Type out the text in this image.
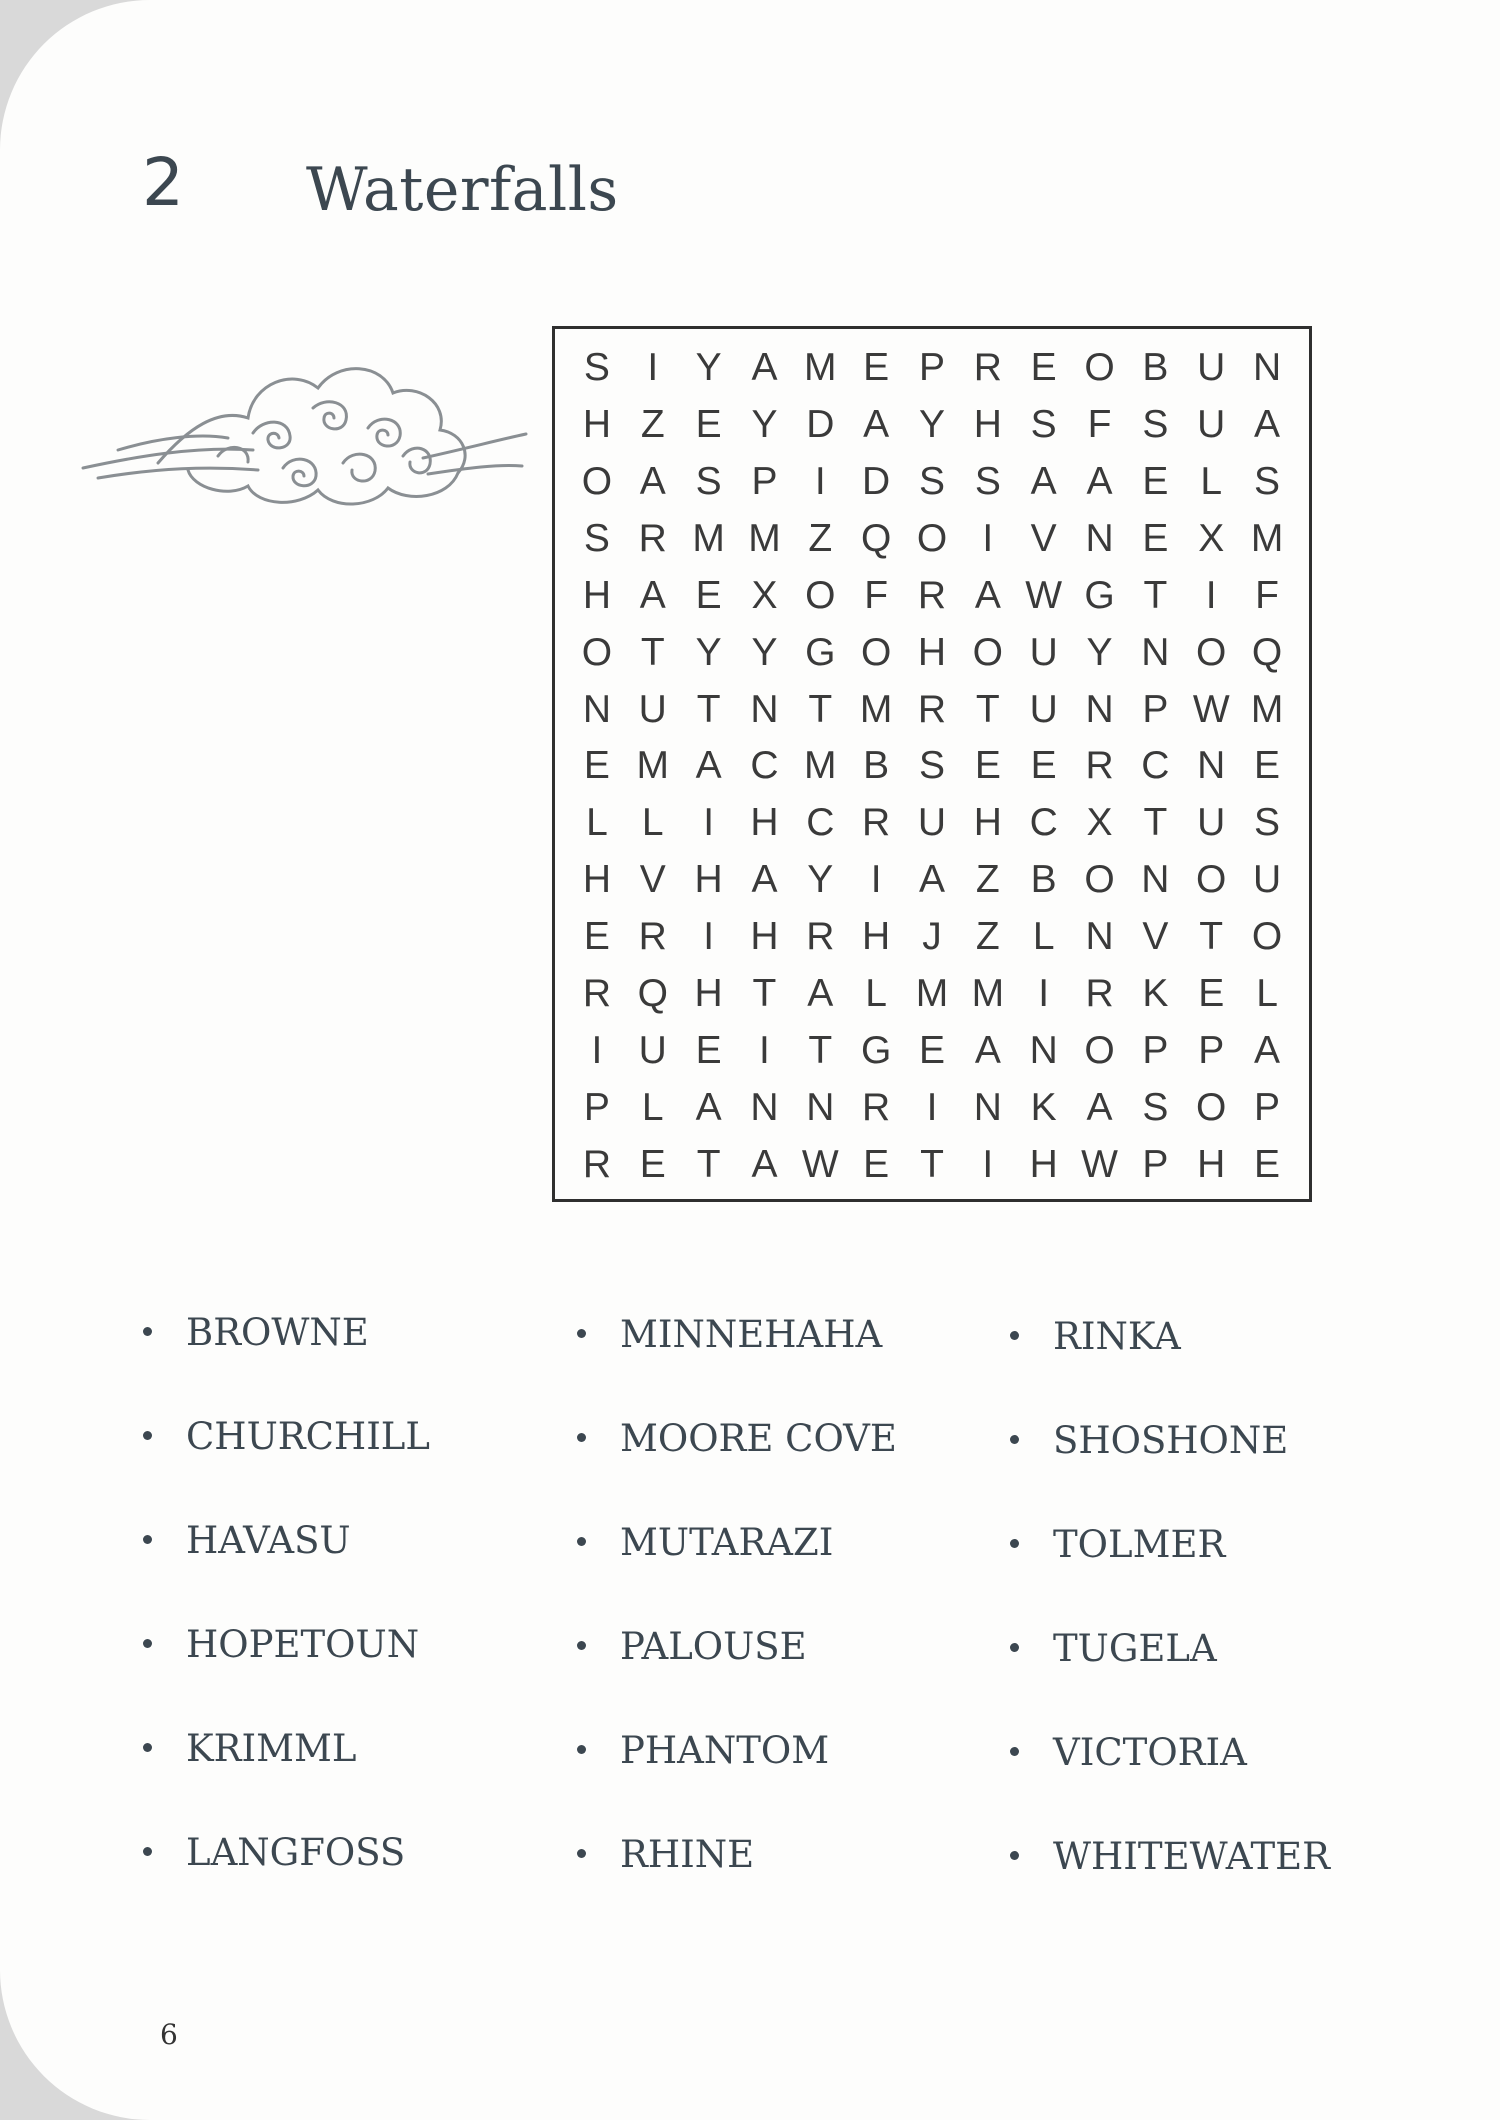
2 Waterfalls
S I Y A M E P R E O B U N
H Z E Y D A Y H S F S U A
O A S P I D S S A A E L S
S R M M Z Q O I V N E X M
H A E X O F R A W G T I F
O T Y Y G O H O U Y N O Q
N U T N T M R T U N P W M
E M A C M B S E E R C N E
L L	I H C R U H C X T U S
H V H A Y I A Z B O N O U
E R I H R H J Z L N V T O
R Q H T A L M M I R K E L
I U E I T G E A N O P P A
P L A N N R I N K A S O P
R E T A W E T I H W P H E
BROWNE
CHURCHILL
HAVASU
HOPETOUN
KRIMML
LANGFOSS
MINNEHAHA
MOORE COVE
MUTARAZI
PALOUSE
PHANTOM
RHINE
RINKA
SHOSHONE
TOLMER
TUGELA
VICTORIA
WHITEWATER
6
